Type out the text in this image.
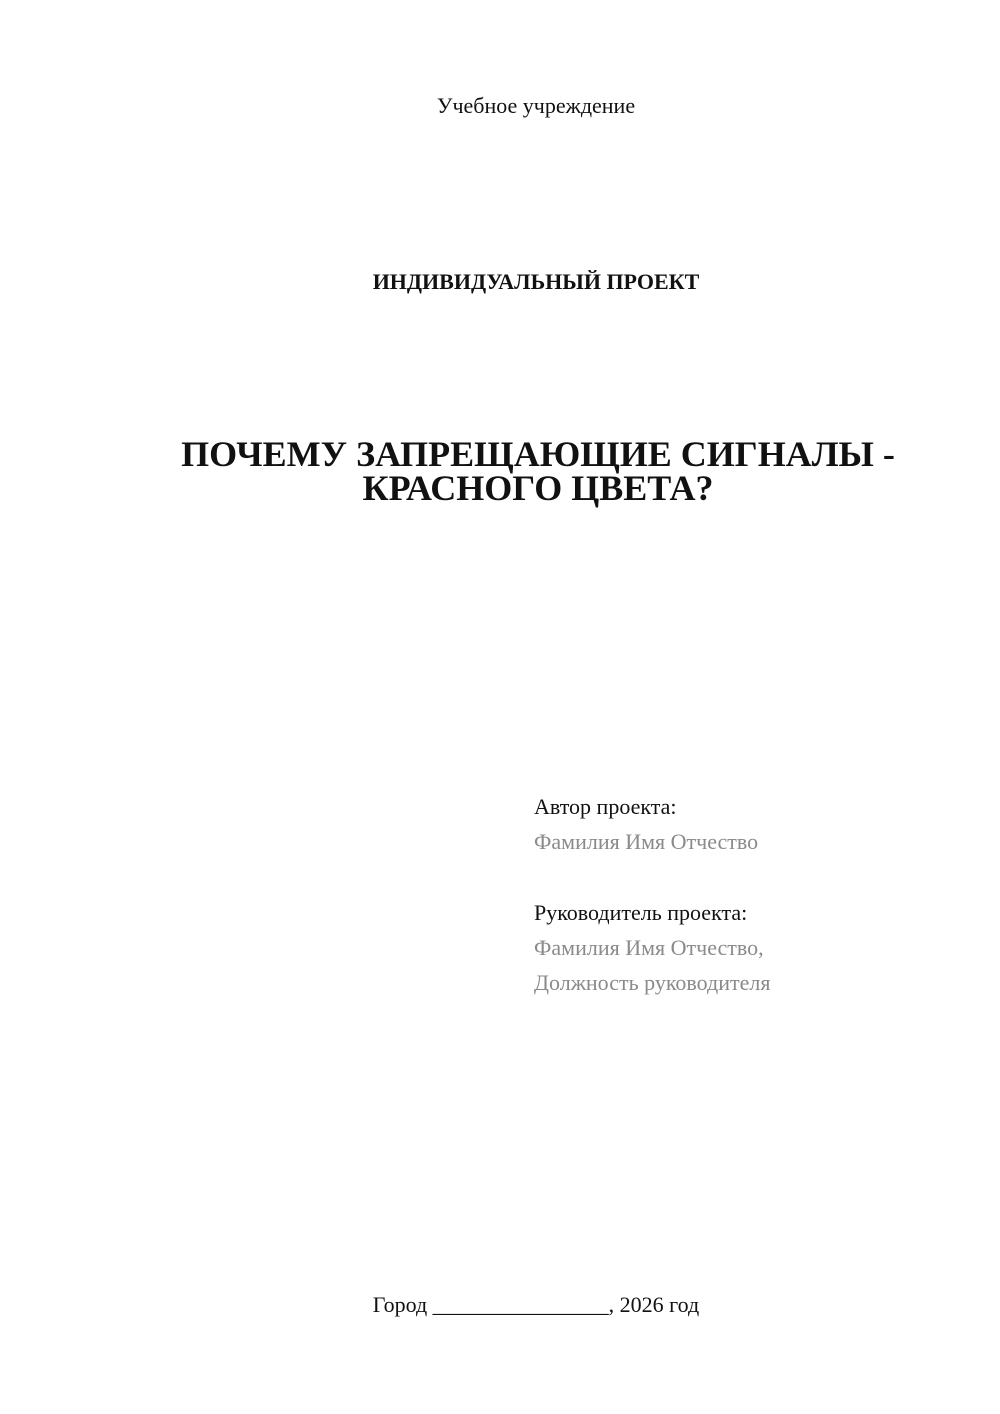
Учебное учреждение
ИНДИВИДУАЛЬНЫЙ ПРОЕКТ
ПОЧЕМУ ЗАПРЕЩАЮЩИЕ СИГНАЛЫ -
КРАСНОГО ЦВЕТА?
Автор проекта:
Фамилия Имя Отчество
Руководитель проекта:
Фамилия Имя Отчество,
Должность руководителя
Город ________________, 2026 год
